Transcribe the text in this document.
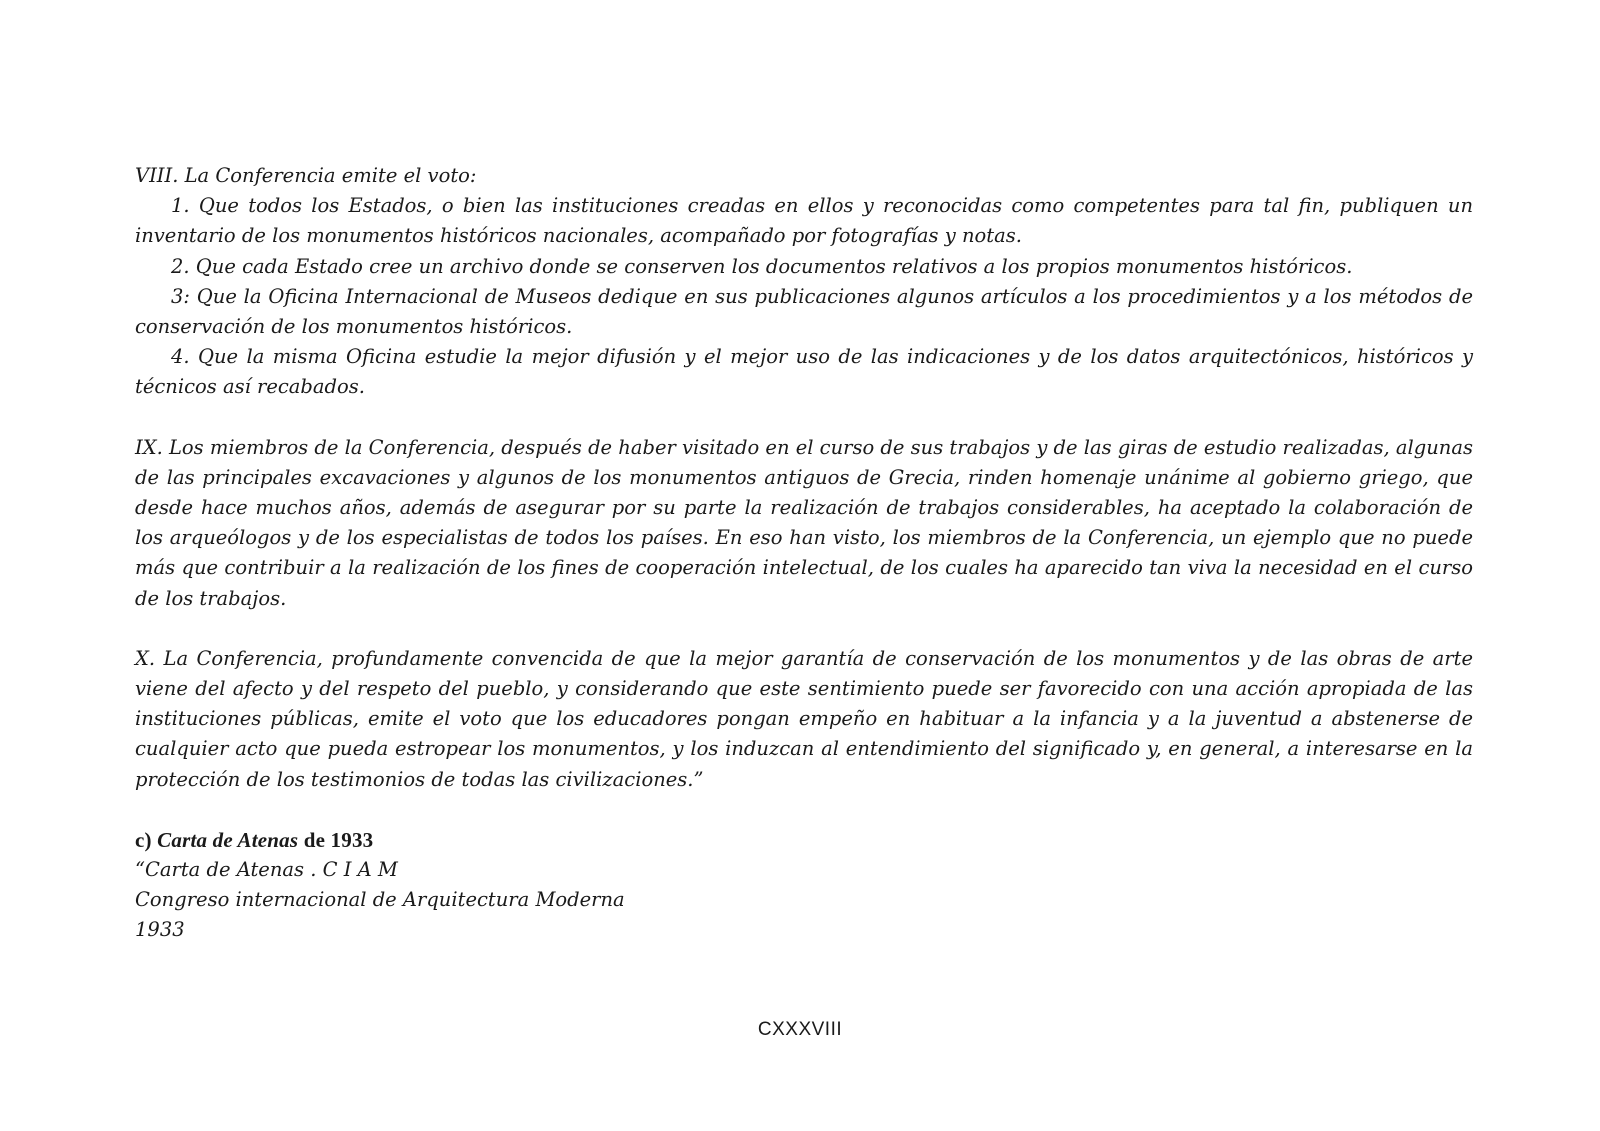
VIII. La Conferencia emite el voto:

1. Que todos los Estados, o bien las instituciones creadas en ellos y reconocidas como competentes para tal fin, publiquen un inventario de los monumentos históricos nacionales, acompañado por fotografías y notas.

2. Que cada Estado cree un archivo donde se conserven los documentos relativos a los propios monumentos históricos.

3: Que la Oficina Internacional de Museos dedique en sus publicaciones algunos artículos a los procedimientos y a los métodos de conservación de los monumentos históricos.

4. Que la misma Oficina estudie la mejor difusión y el mejor uso de las indicaciones y de los datos arquitectónicos, históricos y técnicos así recabados.

IX. Los miembros de la Conferencia, después de haber visitado en el curso de sus trabajos y de las giras de estudio realizadas, algunas de las principales excavaciones y algunos de los monumentos antiguos de Grecia, rinden homenaje unánime al gobierno griego, que desde hace muchos años, además de asegurar por su parte la realización de trabajos considerables, ha aceptado la colaboración de los arqueólogos y de los especialistas de todos los países. En eso han visto, los miembros de la Conferencia, un ejemplo que no puede más que contribuir a la realización de los fines de cooperación intelectual, de los cuales ha aparecido tan viva la necesidad en el curso de los trabajos.

X. La Conferencia, profundamente convencida de que la mejor garantía de conservación de los monumentos y de las obras de arte viene del afecto y del respeto del pueblo, y considerando que este sentimiento puede ser favorecido con una acción apropiada de las instituciones públicas, emite el voto que los educadores pongan empeño en habituar a la infancia y a la juventud a abstenerse de cualquier acto que pueda estropear los monumentos, y los induzcan al entendimiento del significado y, en general, a interesarse en la protección de los testimonios de todas las civilizaciones.”

c) Carta de Atenas de 1933

“Carta de Atenas . C I A M

Congreso internacional de Arquitectura Moderna

1933

CXXXVIII
